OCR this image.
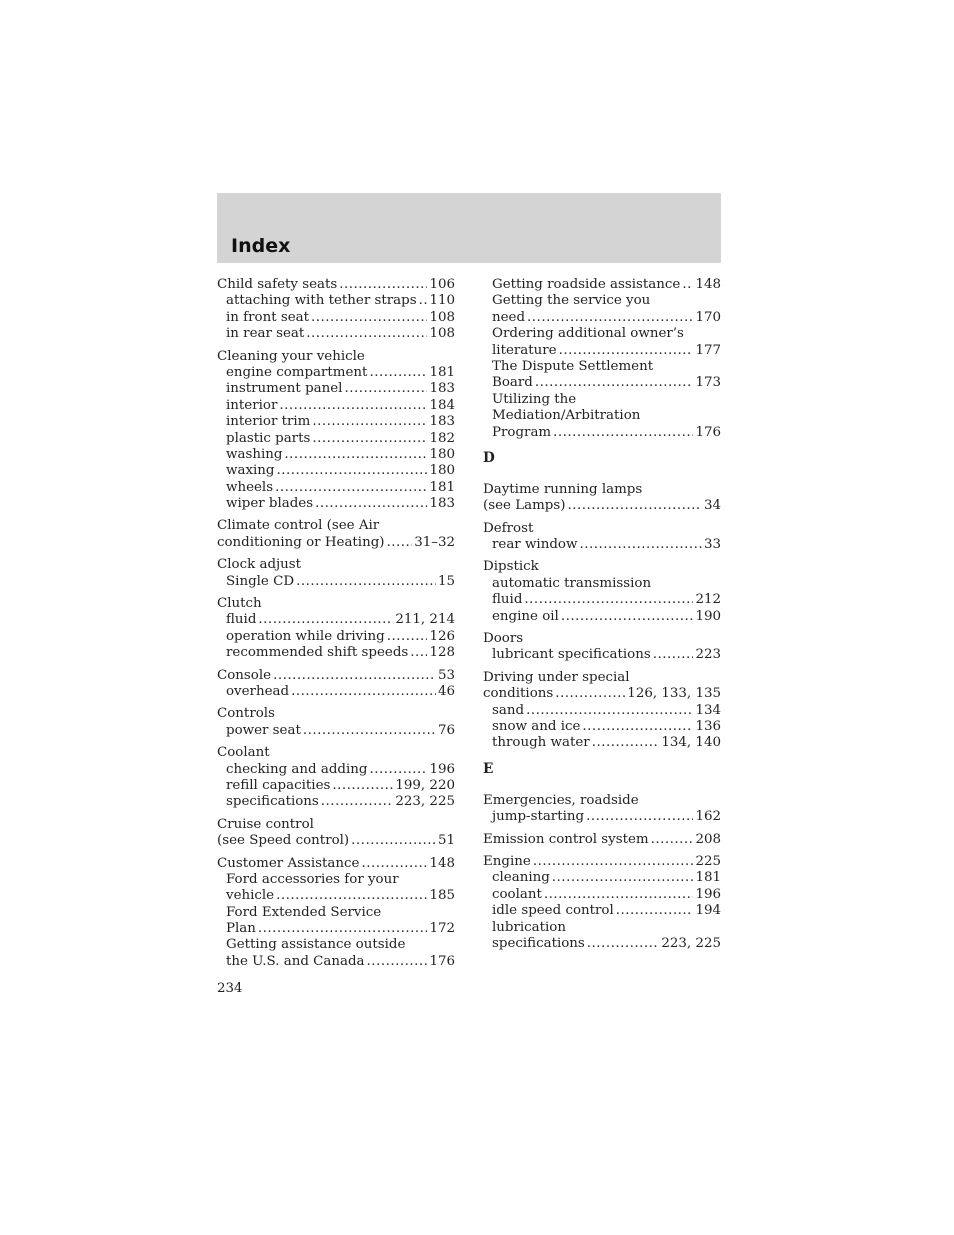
Index
Child safety seats .....	106
attaching with tether straps ..... 110
in front seat .....	108
in rear seat .....	108
Cleaning your vehicle
engine compartment .....	181
instrument panel .....	183
interior .....	184
interior trim .....	183
plastic parts .....	182
washing .....	180
waxing .....	180
wheels .....	181
wiper blades .....	183
Climate control (see Air
conditioning or Heating) ..... 31–32
Clock adjust
Single CD .....	15
Clutch
fluid .....	211, 214
operation while driving .....	126
recommended shift speeds ..... 128
Console .....	53
overhead .....	46
Controls
power seat .....	76
Coolant
checking and adding .....	196
refill capacities .....	199, 220
specifications .....	223, 225
Cruise control
(see Speed control) .....	51
Customer Assistance .....	148
Ford accessories for your
vehicle .....	185
Ford Extended Service
Plan .....	172
Getting assistance outside
the U.S. and Canada .....	176
Getting roadside assistance ..... 148
Getting the service you
need .....	170
Ordering additional owner’s
literature .....	177
The Dispute Settlement
Board .....	173
Utilizing the
Mediation/Arbitration
Program .....	176
D
Daytime running lamps
(see Lamps) .....	34
Defrost
rear window .....	33
Dipstick
automatic transmission
fluid .....	212
engine oil .....	190
Doors
lubricant specifications .....	223
Driving under special
conditions .....	126, 133, 135
sand .....	134
snow and ice .....	136
through water .....	134, 140
E
Emergencies, roadside
jump-starting .....	162
Emission control system .....	208
Engine .....	225
cleaning .....	181
coolant .....	196
idle speed control .....	194
lubrication
specifications .....	223, 225
234
